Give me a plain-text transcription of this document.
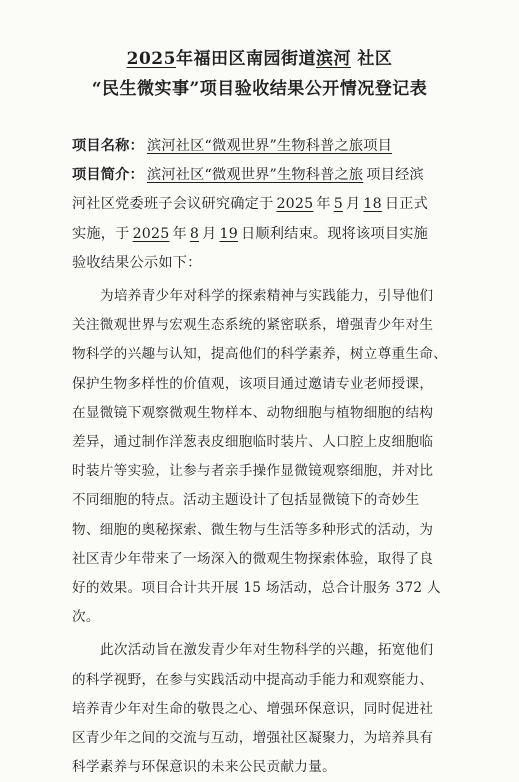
2025年福田区南园街道滨河 社区
“民生微实事”项目验收结果公开情况登记表
项目名称： 滨河社区“微观世界”生物科普之旅项目
项目简介： 滨河社区“微观世界”生物科普之旅 项目经滨
河社区党委班子会议研究确定于 2025 年 5 月 18 日正式
实施，于 2025 年 8 月 19 日顺利结束。现将该项目实施
验收结果公示如下：
为培养青少年对科学的探索精神与实践能力，引导他们
关注微观世界与宏观生态系统的紧密联系，增强青少年对生
物科学的兴趣与认知，提高他们的科学素养，树立尊重生命、
保护生物多样性的价值观，该项目通过邀请专业老师授课，
在显微镜下观察微观生物样本、动物细胞与植物细胞的结构
差异，通过制作洋葱表皮细胞临时装片、人口腔上皮细胞临
时装片等实验，让参与者亲手操作显微镜观察细胞，并对比
不同细胞的特点。活动主题设计了包括显微镜下的奇妙生
物、细胞的奥秘探索、微生物与生活等多种形式的活动，为
社区青少年带来了一场深入的微观生物探索体验，取得了良
好的效果。项目合计共开展 15 场活动，总合计服务 372 人
次。
此次活动旨在激发青少年对生物科学的兴趣，拓宽他们
的科学视野，在参与实践活动中提高动手能力和观察能力、
培养青少年对生命的敬畏之心、增强环保意识，同时促进社
区青少年之间的交流与互动，增强社区凝聚力，为培养具有
科学素养与环保意识的未来公民贡献力量。
